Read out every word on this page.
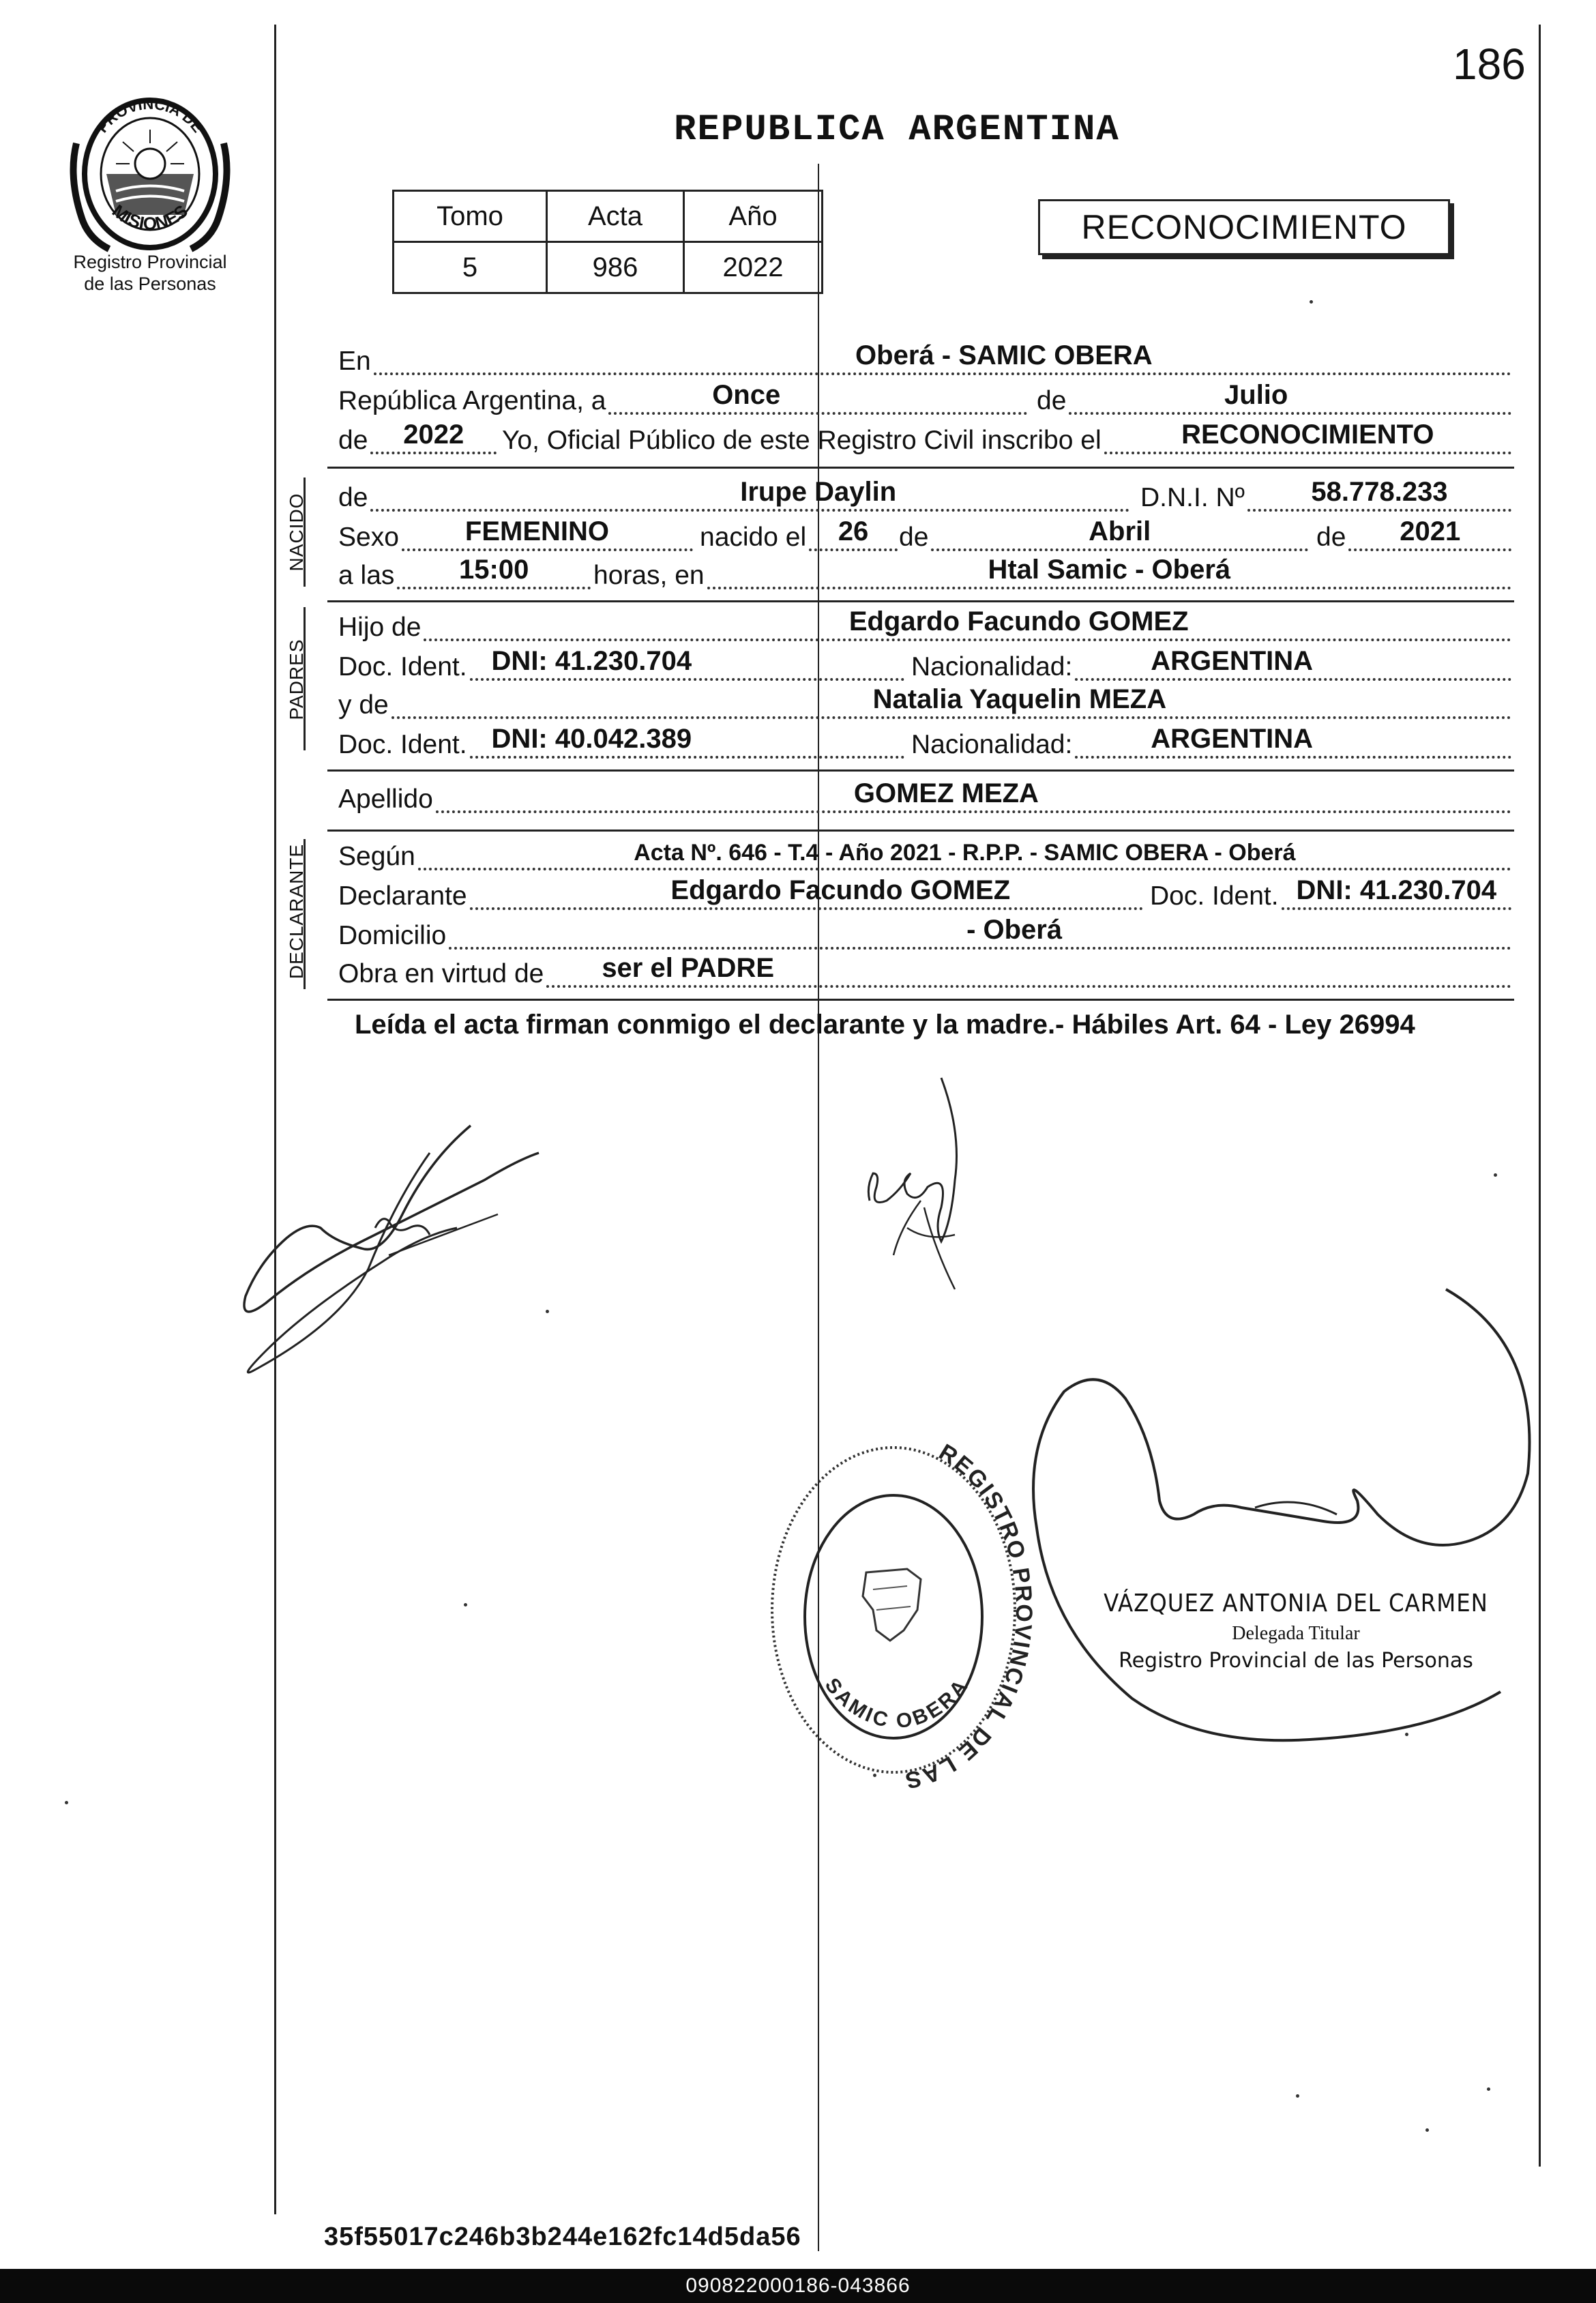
186
PROVINCIA DE
MISIONES
Registro Provincial
de las Personas
REPUBLICA ARGENTINA
Tomo	Acta	Año
5	986	2022
RECONOCIMIENTO
En	Oberá - SAMIC OBERA
República Argentina, a	Once	de	Julio
de	2022	Yo, Oficial Público de este Registro Civil inscribo el	RECONOCIMIENTO
NACIDO de	Irupe Daylin	D.N.I. Nº	58.778.233
Sexo	FEMENINO	nacido el	26	de	Abril	de	2021
a las	15:00	horas, en	Htal Samic - Oberá
PADRES
Hijo de	Edgardo Facundo GOMEZ
Doc. Ident. DNI: 41.230.704	Nacionalidad:	ARGENTINA
y de	Natalia Yaquelin MEZA
Doc. Ident. DNI: 40.042.389	Nacionalidad:	ARGENTINA
Apellido	GOMEZ MEZA
DECLARANTE Según	Acta Nº. 646 - T.4 - Año 2021 - R.P.P. - SAMIC OBERA - Oberá
Declarante	Edgardo Facundo GOMEZ	Doc. Ident. DNI: 41.230.704
Domicilio	- Oberá
Obra en virtud de	ser el PADRE
Leída el acta firman conmigo el declarante y la madre.- Hábiles Art. 64 - Ley 26994
REGISTRO PROVINCIAL DE LAS PERSONAS
SAMIC OBERA
VÁZQUEZ ANTONIA DEL CARMEN
Delegada Titular
Registro Provincial de las Personas
35f55017c246b3b244e162fc14d5da56
090822000186-043866
